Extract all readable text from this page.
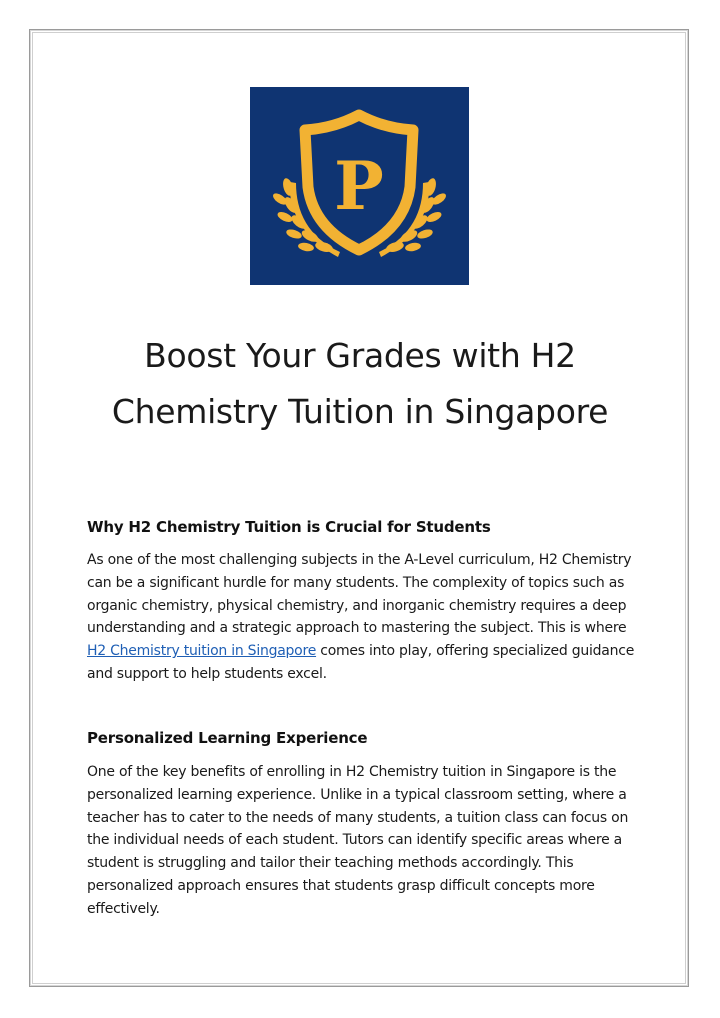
P
Boost Your Grades with H2
Chemistry Tuition in Singapore
Why H2 Chemistry Tuition is Crucial for Students

As one of the most challenging subjects in the A-Level curriculum, H2 Chemistry can be a significant hurdle for many students. The complexity of topics such as organic chemistry, physical chemistry, and inorganic chemistry requires a deep understanding and a strategic approach to mastering the subject. This is where H2 Chemistry tuition in Singapore comes into play, offering specialized guidance and support to help students excel.

Personalized Learning Experience

One of the key benefits of enrolling in H2 Chemistry tuition in Singapore is the personalized learning experience. Unlike in a typical classroom setting, where a teacher has to cater to the needs of many students, a tuition class can focus on the individual needs of each student. Tutors can identify specific areas where a student is struggling and tailor their teaching methods accordingly. This personalized approach ensures that students grasp difficult concepts more effectively.
